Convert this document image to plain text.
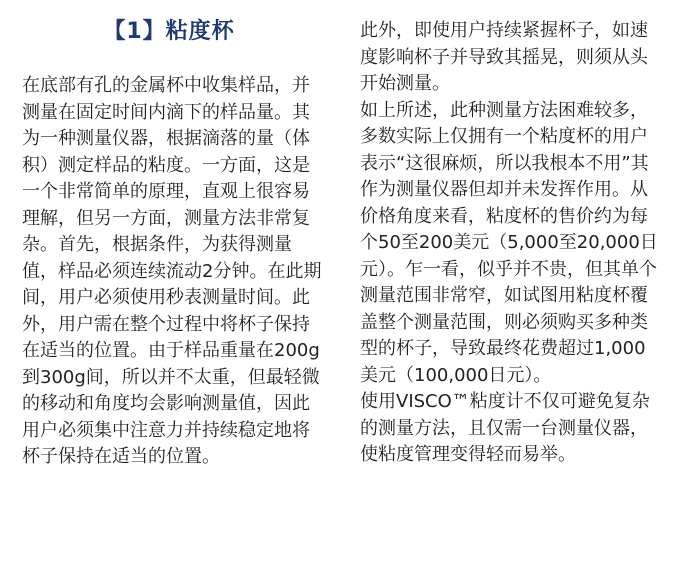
【1】粘度杯

在底部有孔的金属杯中收集样品，并测量在固定时间内滴下的样品量。其为一种测量仪器，根据滴落的量（体积）测定样品的粘度。一方面，这是一个非常简单的原理，直观上很容易理解，但另一方面，测量方法非常复杂。首先，根据条件，为获得测量值，样品必须连续流动2分钟。在此期间，用户必须使用秒表测量时间。此外，用户需在整个过程中将杯子保持在适当的位置。由于样品重量在200g到300g间，所以并不太重，但最轻微的移动和角度均会影响测量值，因此用户必须集中注意力并持续稳定地将杯子保持在适当的位置。

此外，即使用户持续紧握杯子，如速度影响杯子并导致其摇晃，则须从头开始测量。

如上所述，此种测量方法困难较多，多数实际上仅拥有一个粘度杯的用户表示“这很麻烦，所以我根本不用”其作为测量仪器但却并未发挥作用。从价格角度来看，粘度杯的售价约为每个50至200美元（5,000至20,000日元）。乍一看，似乎并不贵，但其单个测量范围非常窄，如试图用粘度杯覆盖整个测量范围，则必须购买多种类型的杯子，导致最终花费超过1,000美元（100,000日元）。

使用VISCO™粘度计不仅可避免复杂的测量方法，且仅需一台测量仪器，使粘度管理变得轻而易举。
